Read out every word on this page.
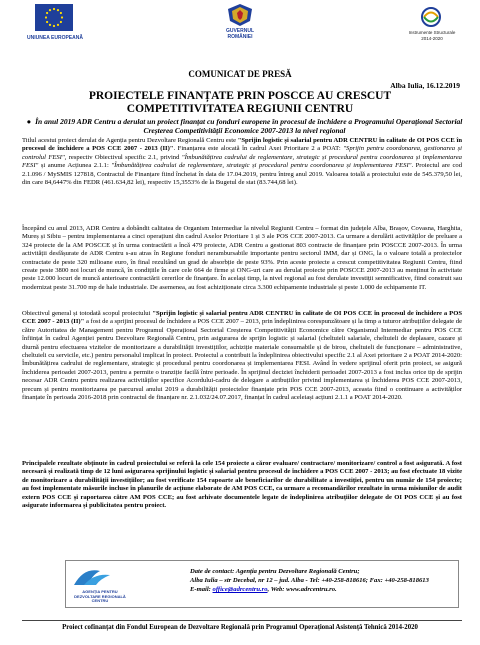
UNIUNEA EUROPEANĂ
GUVERNUL
ROMÂNIEI
Instrumente Structurale
2014-2020
COMUNICAT DE PRESĂ
Alba Iulia, 16.12.2019
PROIECTELE FINANȚATE PRIN POSCCE AU CRESCUT
COMPETITIVITATEA REGIUNII CENTRU
● În anul 2019 ADR Centru a derulat un proiect finanțat cu fonduri europene în procesul de închidere a Programului Operațional Sectorial Creșterea Competitivității Economice 2007-2013 la nivel regional

Titlul acestui proiect derulat de Agenția pentru Dezvoltare Regională Centru este "Sprijin logistic și salarial pentru ADR CENTRU în calitate de OI POS CCE în procesul de închidere a POS CCE 2007 - 2013 (II)". Finanțarea este alocată în cadrul Axei Prioritare 2 a POAT: "Sprijin pentru coordonarea, gestionarea și controlul FESI", respectiv Obiectivul specific 2.1, privind "Îmbunătățirea cadrului de reglementare, strategic și procedural pentru coordonarea și implementarea FESI" și anume Acțiunea 2.1.1: "Îmbunătățirea cadrului de reglementare, strategic și procedural pentru coordonarea și implementarea FESI". Proiectul are cod 2.1.096 / MySMIS 127818, Contractul de Finanțare fiind încheiat în data de 17.04.2019, pentru întreg anul 2019. Valoarea totală a proiectului este de 545.379,50 lei, din care 84,6447% din FEDR (461.634,82 lei), respectiv 15,3553% de la Bugetul de stat (83.744,68 lei).

Începând cu anul 2013, ADR Centru a dobândit calitatea de Organism Intermediar la nivelul Regiunii Centru – format din județele Alba, Brașov, Covasna, Harghita, Mureș și Sibiu – pentru implementarea a cinci operațiuni din cadrul Axelor Prioritare 1 și 3 ale POS CCE 2007-2013. Ca urmare a derulării activităților de preluare a 324 proiecte de la AM POSCCE și în urma contractării a încă 479 proiecte, ADR Centru a gestionat 803 contracte de finanțare prin POSCCE 2007-2013. În urma activității desfășurate de ADR Centru s-au atras în Regiune fonduri nerambursabile importante pentru sectorul IMM, dar și ONG, la o valoare totală a proiectelor contractate de peste 320 milioane euro, în final rezultând un grad de absorbție de peste 93%. Prin aceste proiecte a crescut competitivitatea Regiunii Centru, fiind create peste 3800 noi locuri de muncă, în condițiile în care cele 664 de firme și ONG-uri care au derulat proiecte prin POSCCE 2007-2013 au menținut în activitate peste 12.000 locuri de muncă anterioare contractării cererilor de finanțare. În același timp, la nivel regional au fost derulate investiții semnificative, fiind construit sau modernizat peste 31.700 mp de hale industriale. De asemenea, au fost achiziționate circa 3.300 echipamente industriale și peste 1.000 de echipamente IT.

Obiectivul general și totodată scopul proiectului "Sprijin logistic și salarial pentru ADR CENTRU în calitate de OI POS CCE în procesul de închidere a POS CCE 2007 - 2013 (II)" a fost de a sprijini procesul de închidere a POS CCE 2007 – 2013, prin îndeplinirea corespunzătoare și la timp a tuturor atribuțiilor delegate de către Autoritatea de Management pentru Programul Operațional Sectorial Creșterea Competitivității Economice către Organismul Intermediar pentru POS CCE înființat în cadrul Agenției pentru Dezvoltare Regională Centru, prin asigurarea de sprijin logistic și salarial (cheltuieli salariale, cheltuieli de deplasare, cazare și diurnă pentru efectuarea vizitelor de monitorizare a durabilității investițiilor, achiziție materiale consumabile și de birou, cheltuieli de funcționare – administrative, cheltuieli cu servicile, etc.) pentru personalul implicat în proiect. Proiectul a contribuit la îndeplinirea obiectivului specific 2.1 al Axei prioritare 2 a POAT 2014-2020: Îmbunătățirea cadrului de reglementare, strategic și procedural pentru coordonarea și implementarea FESI. Având în vedere sprijinul oferit prin proiect, se asigură închiderea perioadei 2007-2013, pentru a permite o tranziție facilă între perioade. În sprijinul deciziei închiderii perioadei 2007-2013 a fost inclus orice tip de sprijin necesar ADR Centru pentru realizarea activităților specifice Acordului-cadru de delegare a atribuțiilor privind implementarea și închiderea POS CCE 2007-2013, precum și pentru monitorizarea pe parcursul anului 2019 a durabilității proiectelor finanțate prin POS CCE 2007-2013, aceasta fiind o continuare a activităților finanțate în perioada 2016-2018 prin contractul de finanțare nr. 2.1.032/24.07.2017, finanțat în cadrul aceleiași acțiuni 2.1.1 a POAT 2014-2020.

Principalele rezultate obținute în cadrul proiectului se referă la cele 154 proiecte a căror evaluare/ contractare/ monitorizare/ control a fost asigurată. A fost necesară și realizată timp de 12 luni asigurarea sprijinului logistic și salarial pentru procesul de închidere a POS CCE 2007 - 2013; au fost efectuate 18 vizite de monitorizare a durabilității investițiilor; au fost verificate 154 rapoarte ale beneficiarilor de durabilitate a investiției, pentru un număr de 154 proiecte; au fost implementate măsurile incluse în planurile de acțiune elaborate de AM POS CCE, ca urmare a recomandărilor rezultate în urma misiunilor de audit extern POS CCE și raportarea către AM POS CCE; au fost arhivate documentele legate de îndeplinirea atribuțiilor delegate de OI POS CCE și au fost asigurate informarea și publicitatea pentru proiect.

AGENȚIA PENTRU DEZVOLTARE REGIONALĂ CENTRU
Date de contact: Agenția pentru Dezvoltare Regională Centru;
Alba Iulia – str Decebal, nr 12 – jud. Alba - Tel: +40-258-818616; Fax: +40-258-818613
E-mail: office@adrcentru.ro, Web: www.adrcentru.ro.
Proiect cofinanțat din Fondul European de Dezvoltare Regională prin Programul Operațional Asistență Tehnică 2014-2020
